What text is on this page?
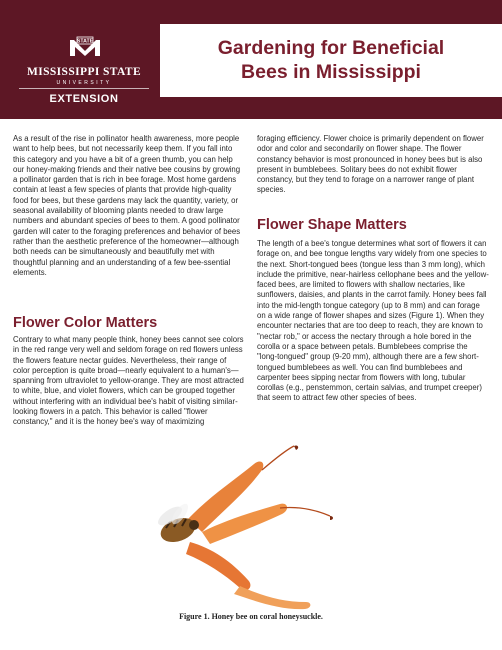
STATE
MISSISSIPPI STATE
UNIVERSITY
EXTENSION
Gardening for Beneficial
Bees in Mississippi

As a result of the rise in pollinator health awareness, more people want to help bees, but not necessarily keep them. If you fall into this category and you have a bit of a green thumb, you can help our honey-making friends and their native bee cousins by growing a pollinator garden that is rich in bee forage. Most home gardens contain at least a few species of plants that provide high-quality food for bees, but these gardens may lack the quantity, variety, or seasonal availability of blooming plants needed to draw large numbers and abundant species of bees to them. A good pollinator garden will cater to the foraging preferences and behavior of bees rather than the aesthetic preference of the homeowner—although both needs can be simultaneously and beautifully met with thoughtful planning and an understanding of a few bee-ssential elements.

Flower Color Matters

Contrary to what many people think, honey bees cannot see colors in the red range very well and seldom forage on red flowers unless the flowers feature nectar guides. Nevertheless, their range of color perception is quite broad—nearly equivalent to a human's—spanning from ultraviolet to yellow-orange. They are most attracted to white, blue, and violet flowers, which can be grouped together without interfering with an individual bee's habit of visiting similar-looking flowers in a patch. This behavior is called "flower constancy," and it is the honey bee's way of maximizing

foraging efficiency. Flower choice is primarily dependent on flower odor and color and secondarily on flower shape. The flower constancy behavior is most pronounced in honey bees but is also present in bumblebees. Solitary bees do not exhibit flower constancy, but they tend to forage on a narrower range of plant species.

Flower Shape Matters

The length of a bee's tongue determines what sort of flowers it can forage on, and bee tongue lengths vary widely from one species to the next. Short-tongued bees (tongue less than 3 mm long), which include the primitive, near-hairless cellophane bees and the yellow-faced bees, are limited to flowers with shallow nectaries, like sunflowers, daisies, and plants in the carrot family. Honey bees fall into the mid-length tongue category (up to 8 mm) and can forage on a wide range of flower shapes and sizes (Figure 1). When they encounter nectaries that are too deep to reach, they are known to "nectar rob," or access the nectary through a hole bored in the corolla or a space between petals. Bumblebees comprise the "long-tongued" group (9-20 mm), although there are a few short-tongued bumblebees as well. You can find bumblebees and carpenter bees sipping nectar from flowers with long, tubular corollas (e.g., penstemmon, certain salvias, and trumpet creeper) that seem to attract few other species of bees.

Figure 1. Honey bee on coral honeysuckle.
